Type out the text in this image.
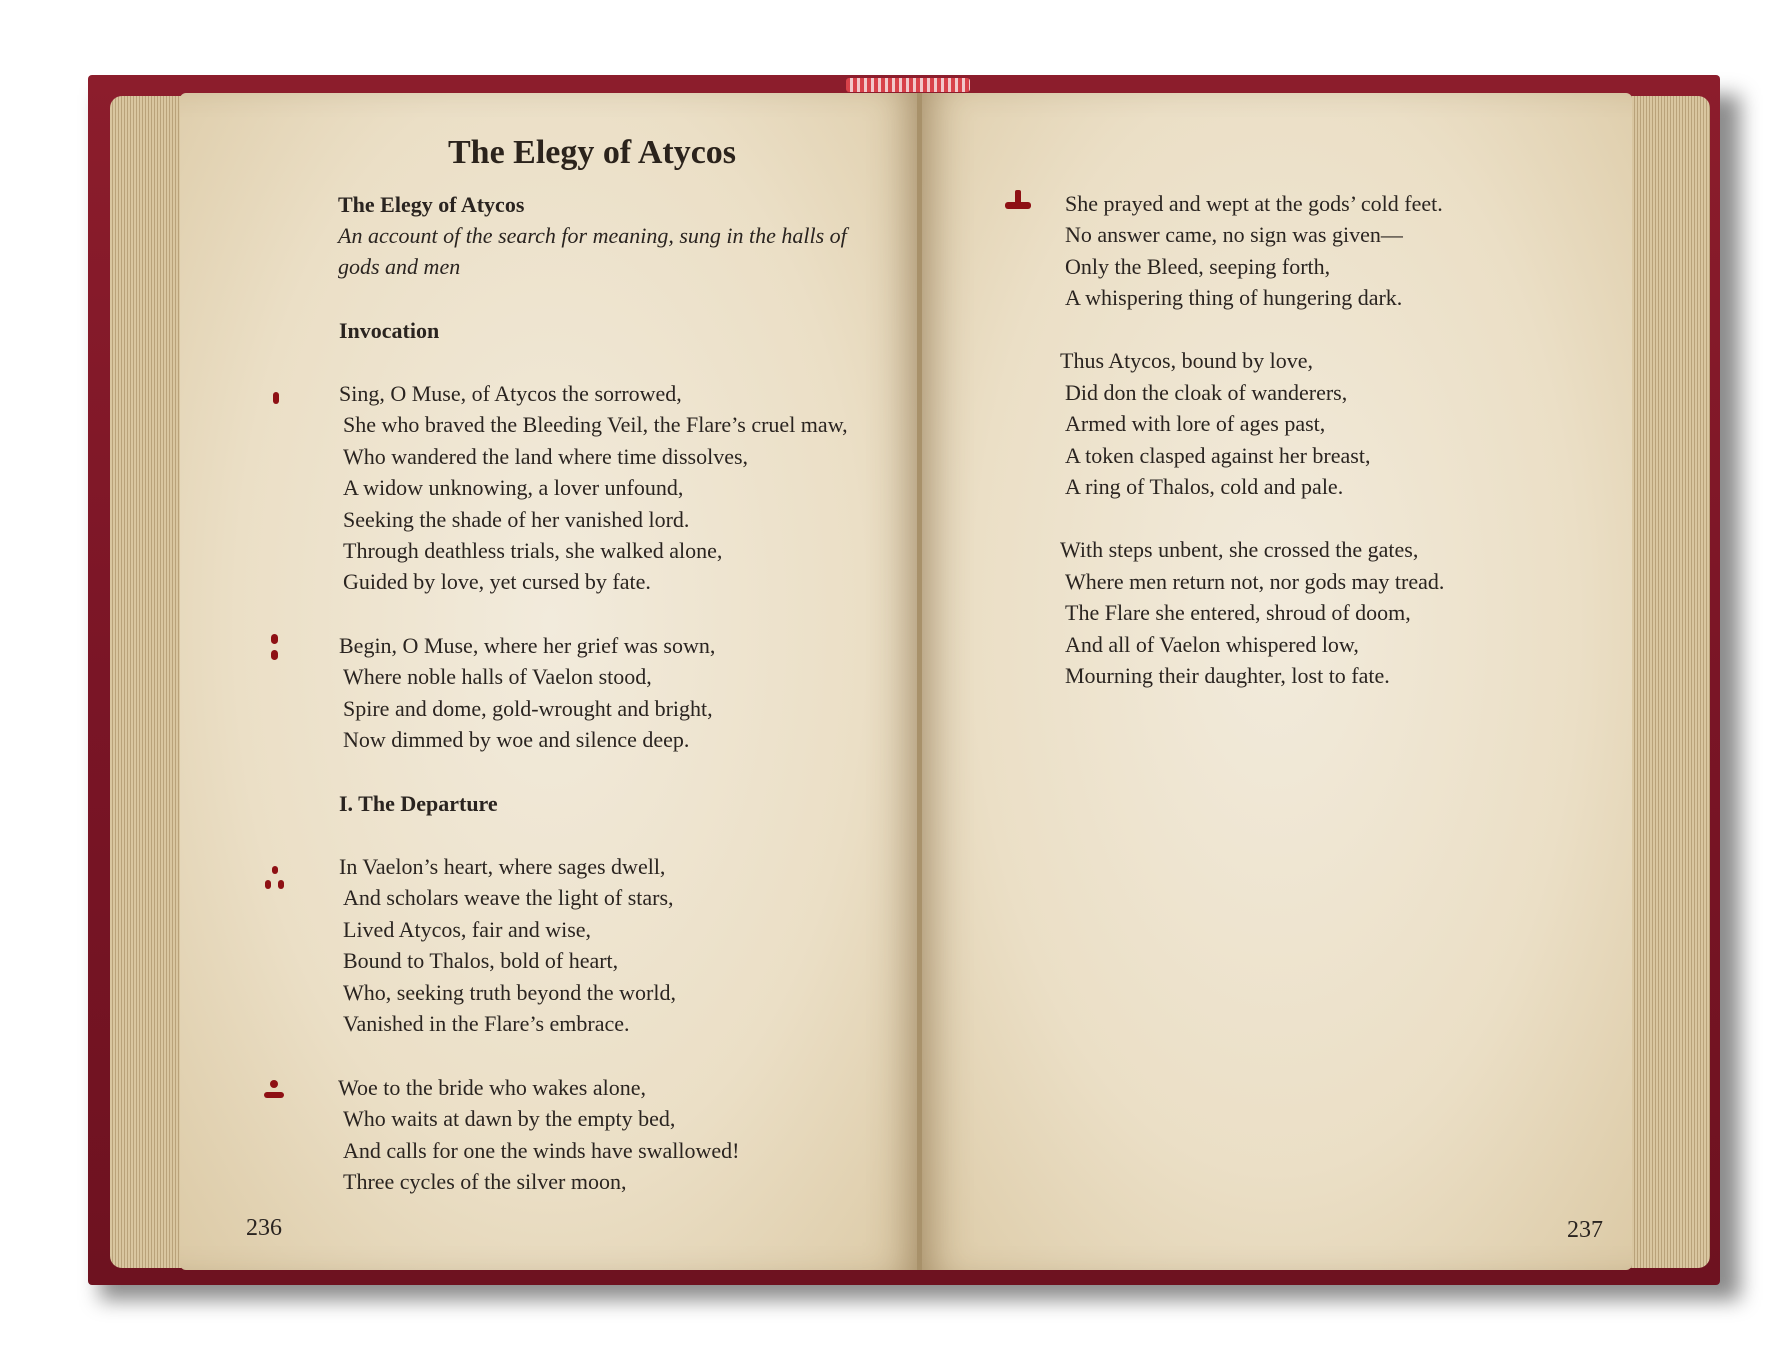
The Elegy of Atycos
The Elegy of Atycos
An account of the search for meaning, sung in the halls of
gods and men
Invocation
Sing, O Muse, of Atycos the sorrowed,
She who braved the Bleeding Veil, the Flare’s cruel maw,
Who wandered the land where time dissolves,
A widow unknowing, a lover unfound,
Seeking the shade of her vanished lord.
Through deathless trials, she walked alone,
Guided by love, yet cursed by fate.
Begin, O Muse, where her grief was sown,
Where noble halls of Vaelon stood,
Spire and dome, gold-wrought and bright,
Now dimmed by woe and silence deep.
I. The Departure
In Vaelon’s heart, where sages dwell,
And scholars weave the light of stars,
Lived Atycos, fair and wise,
Bound to Thalos, bold of heart,
Who, seeking truth beyond the world,
Vanished in the Flare’s embrace.
Woe to the bride who wakes alone,
Who waits at dawn by the empty bed,
And calls for one the winds have swallowed!
Three cycles of the silver moon,
236
She prayed and wept at the gods’ cold feet.
No answer came, no sign was given—
Only the Bleed, seeping forth,
A whispering thing of hungering dark.
Thus Atycos, bound by love,
Did don the cloak of wanderers,
Armed with lore of ages past,
A token clasped against her breast,
A ring of Thalos, cold and pale.
With steps unbent, she crossed the gates,
Where men return not, nor gods may tread.
The Flare she entered, shroud of doom,
And all of Vaelon whispered low,
Mourning their daughter, lost to fate.
237
